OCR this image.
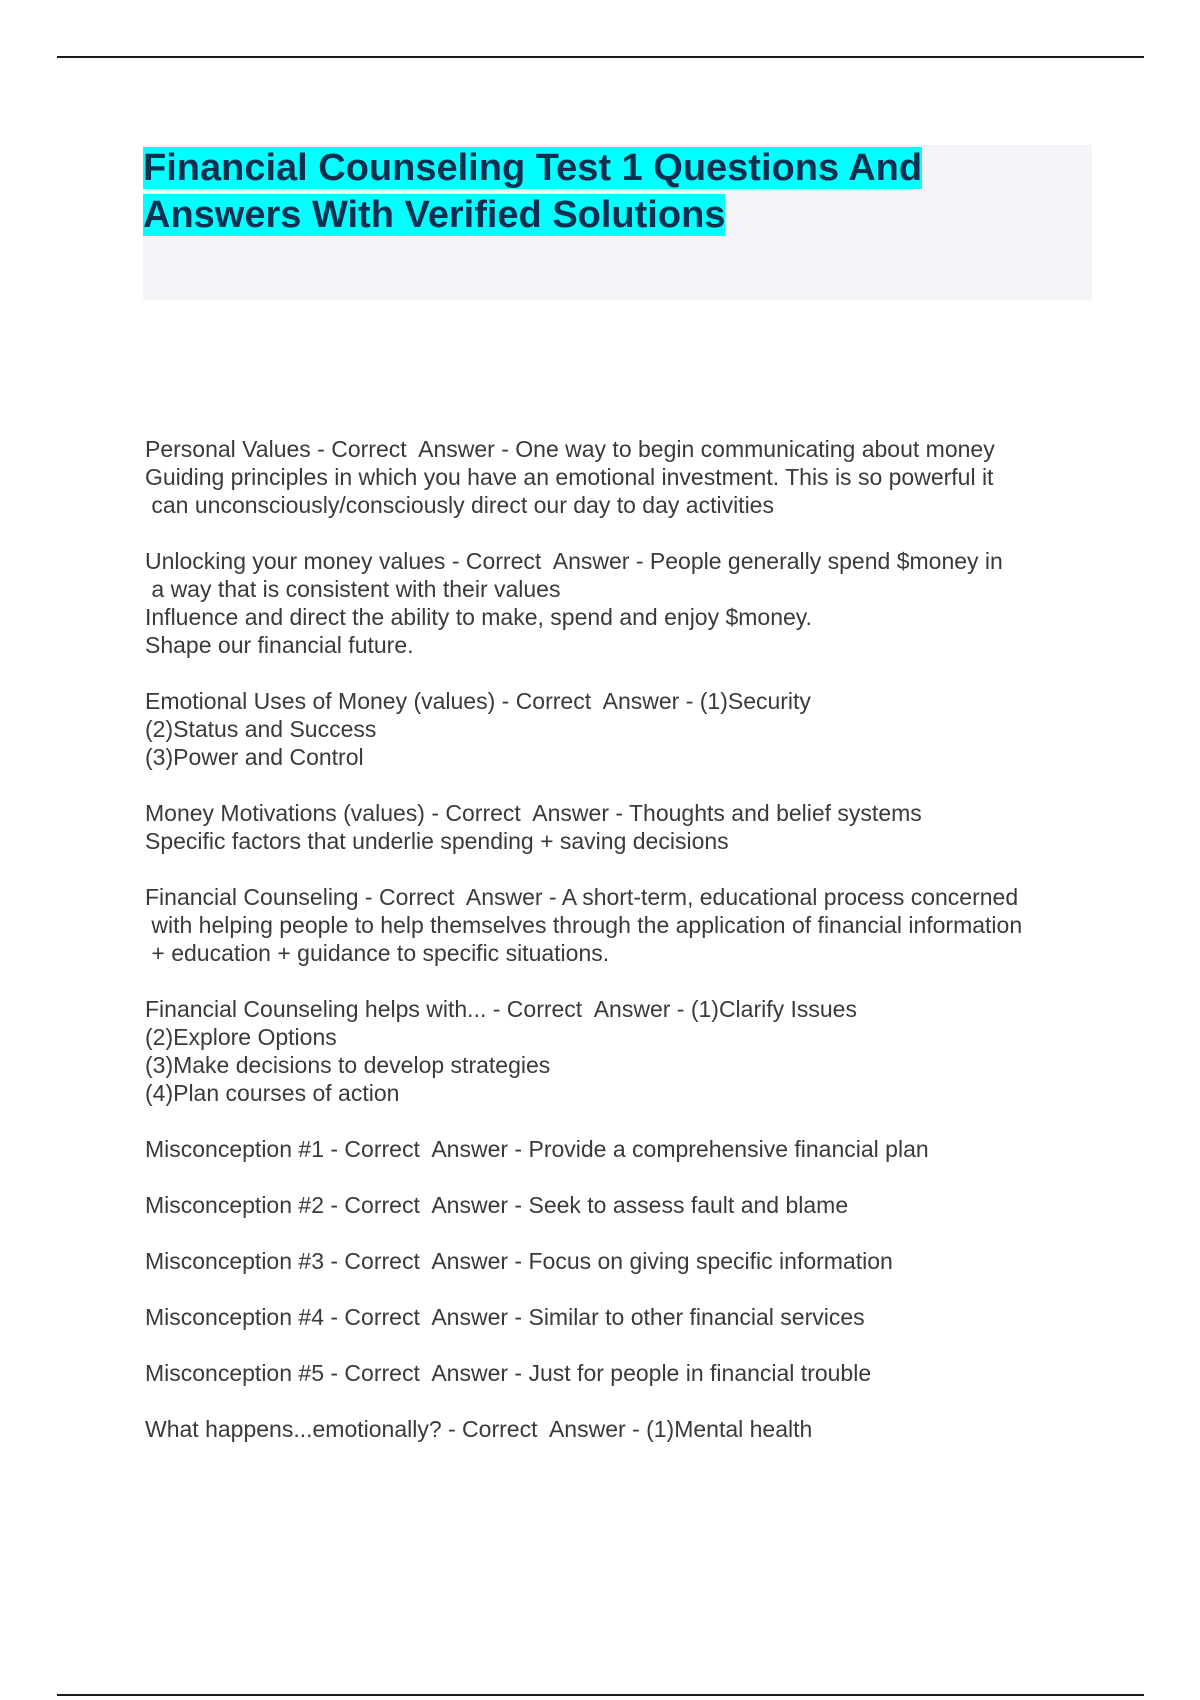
Financial Counseling Test 1 Questions And
Answers With Verified Solutions

Personal Values - Correct  Answer - One way to begin communicating about money
Guiding principles in which you have an emotional investment. This is so powerful it
can unconsciously/consciously direct our day to day activities

Unlocking your money values - Correct  Answer - People generally spend $money in
a way that is consistent with their values
Influence and direct the ability to make, spend and enjoy $money.
Shape our financial future.

Emotional Uses of Money (values) - Correct  Answer - (1)Security
(2)Status and Success
(3)Power and Control

Money Motivations (values) - Correct  Answer - Thoughts and belief systems
Specific factors that underlie spending + saving decisions

Financial Counseling - Correct  Answer - A short-term, educational process concerned
with helping people to help themselves through the application of financial information
+ education + guidance to specific situations.

Financial Counseling helps with... - Correct  Answer - (1)Clarify Issues
(2)Explore Options
(3)Make decisions to develop strategies
(4)Plan courses of action

Misconception #1 - Correct  Answer - Provide a comprehensive financial plan

Misconception #2 - Correct  Answer - Seek to assess fault and blame

Misconception #3 - Correct  Answer - Focus on giving specific information

Misconception #4 - Correct  Answer - Similar to other financial services

Misconception #5 - Correct  Answer - Just for people in financial trouble

What happens...emotionally? - Correct  Answer - (1)Mental health
